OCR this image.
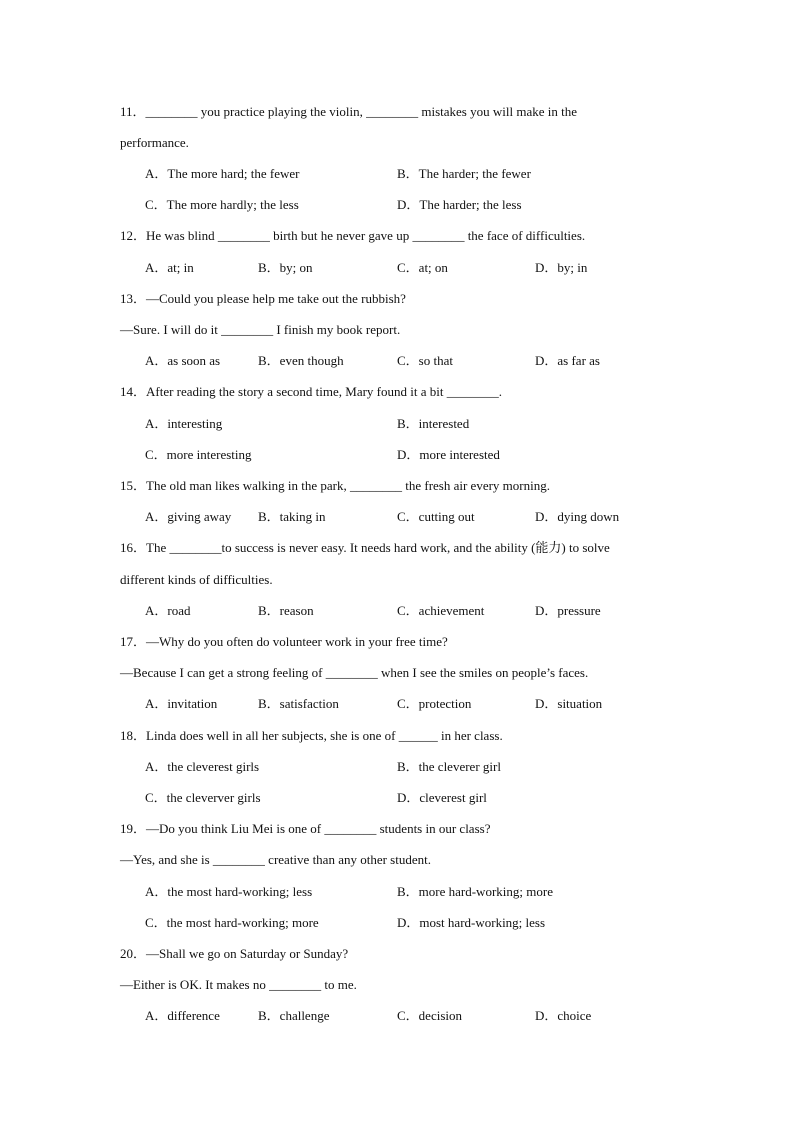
11．________ you practice playing the violin, ________ mistakes you will make in the
performance.
A．The more hard; the fewer	B．The harder; the fewer
C．The more hardly; the less	D．The harder; the less
12．He was blind ________ birth but he never gave up ________ the face of difficulties.
A．at; in	B．by; on	C．at; on	D．by; in
13．—Could you please help me take out the rubbish?
—Sure. I will do it ________ I finish my book report.
A．as soon as	B．even though	C．so that	D．as far as
14．After reading the story a second time, Mary found it a bit ________.
A．interesting	B．interested
C．more interesting	D．more interested
15．The old man likes walking in the park, ________ the fresh air every morning.
A．giving away B．taking in	C．cutting out	D．dying down
16．The ________to success is never easy. It needs hard work, and the ability (能力) to solve
different kinds of difficulties.
A．road	B．reason	C．achievement	D．pressure
17．—Why do you often do volunteer work in your free time?
—Because I can get a strong feeling of ________ when I see the smiles on people’s faces.
A．invitation	B．satisfaction	C．protection	D．situation
18．Linda does well in all her subjects, she is one of ______ in her class.
A．the cleverest girls	B．the cleverer girl
C．the cleverver girls	D．cleverest girl
19．—Do you think Liu Mei is one of ________ students in our class?
—Yes, and she is ________ creative than any other student.
A．the most hard-working; less	B．more hard-working; more
C．the most hard-working; more	D．most hard-working; less
20．—Shall we go on Saturday or Sunday?
—Either is OK. It makes no ________ to me.
A．difference	B．challenge	C．decision	D．choice
